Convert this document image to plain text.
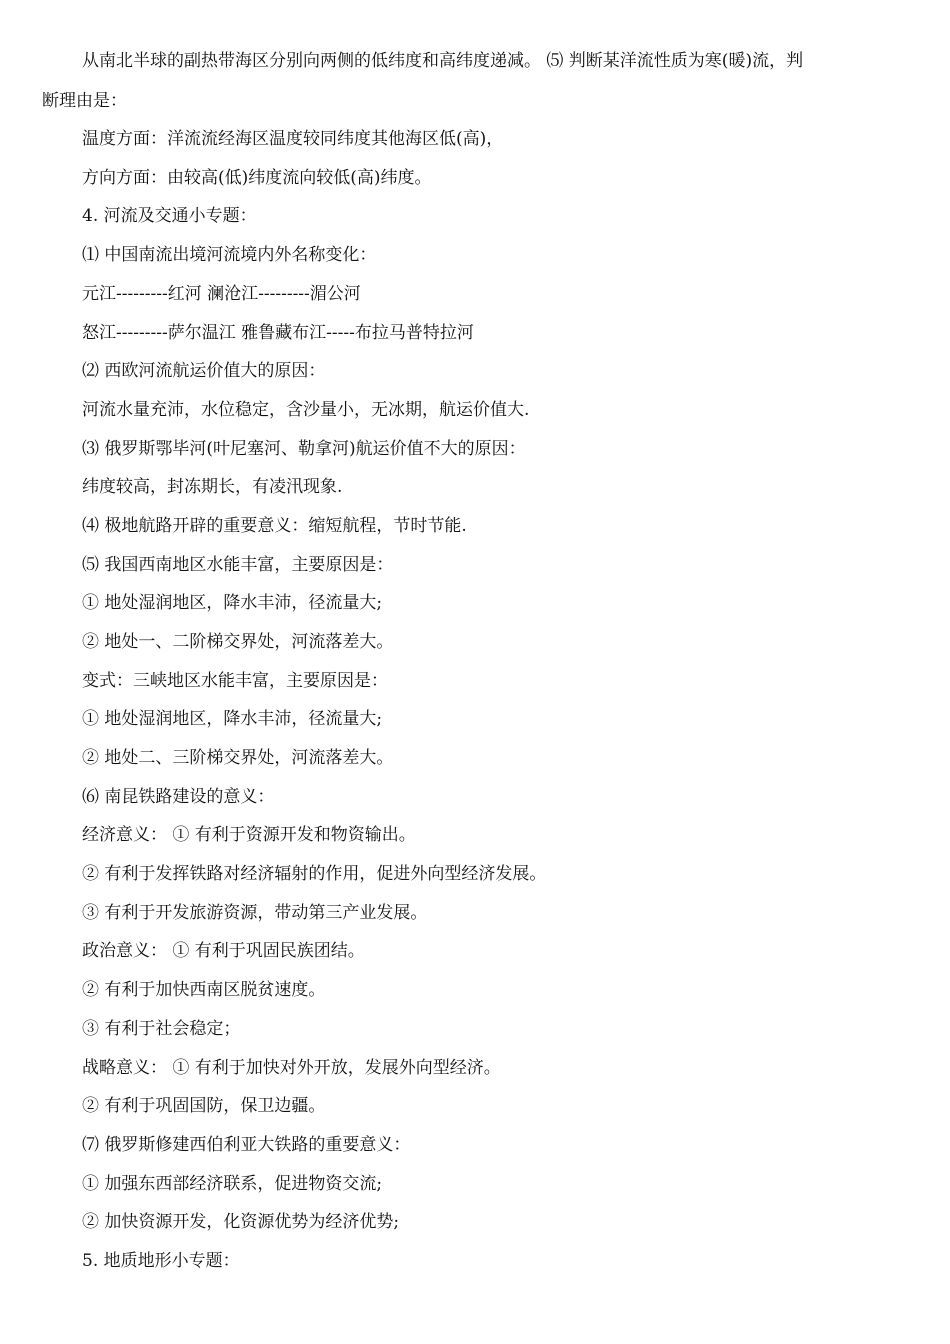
从南北半球的副热带海区分别向两侧的低纬度和高纬度递减。 ⑸ 判断某洋流性质为寒(暖)流，判
断理由是：
温度方面：洋流流经海区温度较同纬度其他海区低(高)，
方向方面：由较高(低)纬度流向较低(高)纬度。
4. 河流及交通小专题：
⑴ 中国南流出境河流境内外名称变化：
元江---------红河 澜沧江---------湄公河
怒江---------萨尔温江 雅鲁藏布江-----布拉马普特拉河
⑵ 西欧河流航运价值大的原因：
河流水量充沛，水位稳定，含沙量小，无冰期，航运价值大.
⑶ 俄罗斯鄂毕河(叶尼塞河、勒拿河)航运价值不大的原因：
纬度较高，封冻期长，有凌汛现象.
⑷ 极地航路开辟的重要意义：缩短航程，节时节能.
⑸ 我国西南地区水能丰富，主要原因是：
① 地处湿润地区，降水丰沛，径流量大;
② 地处一、二阶梯交界处，河流落差大。
变式：三峡地区水能丰富，主要原因是：
① 地处湿润地区，降水丰沛，径流量大;
② 地处二、三阶梯交界处，河流落差大。
⑹ 南昆铁路建设的意义：
经济意义： ① 有利于资源开发和物资输出。
② 有利于发挥铁路对经济辐射的作用，促进外向型经济发展。
③ 有利于开发旅游资源，带动第三产业发展。
政治意义： ① 有利于巩固民族团结。
② 有利于加快西南区脱贫速度。
③ 有利于社会稳定；
战略意义： ① 有利于加快对外开放，发展外向型经济。
② 有利于巩固国防，保卫边疆。
⑺ 俄罗斯修建西伯利亚大铁路的重要意义：
① 加强东西部经济联系，促进物资交流;
② 加快资源开发，化资源优势为经济优势;
5. 地质地形小专题：
